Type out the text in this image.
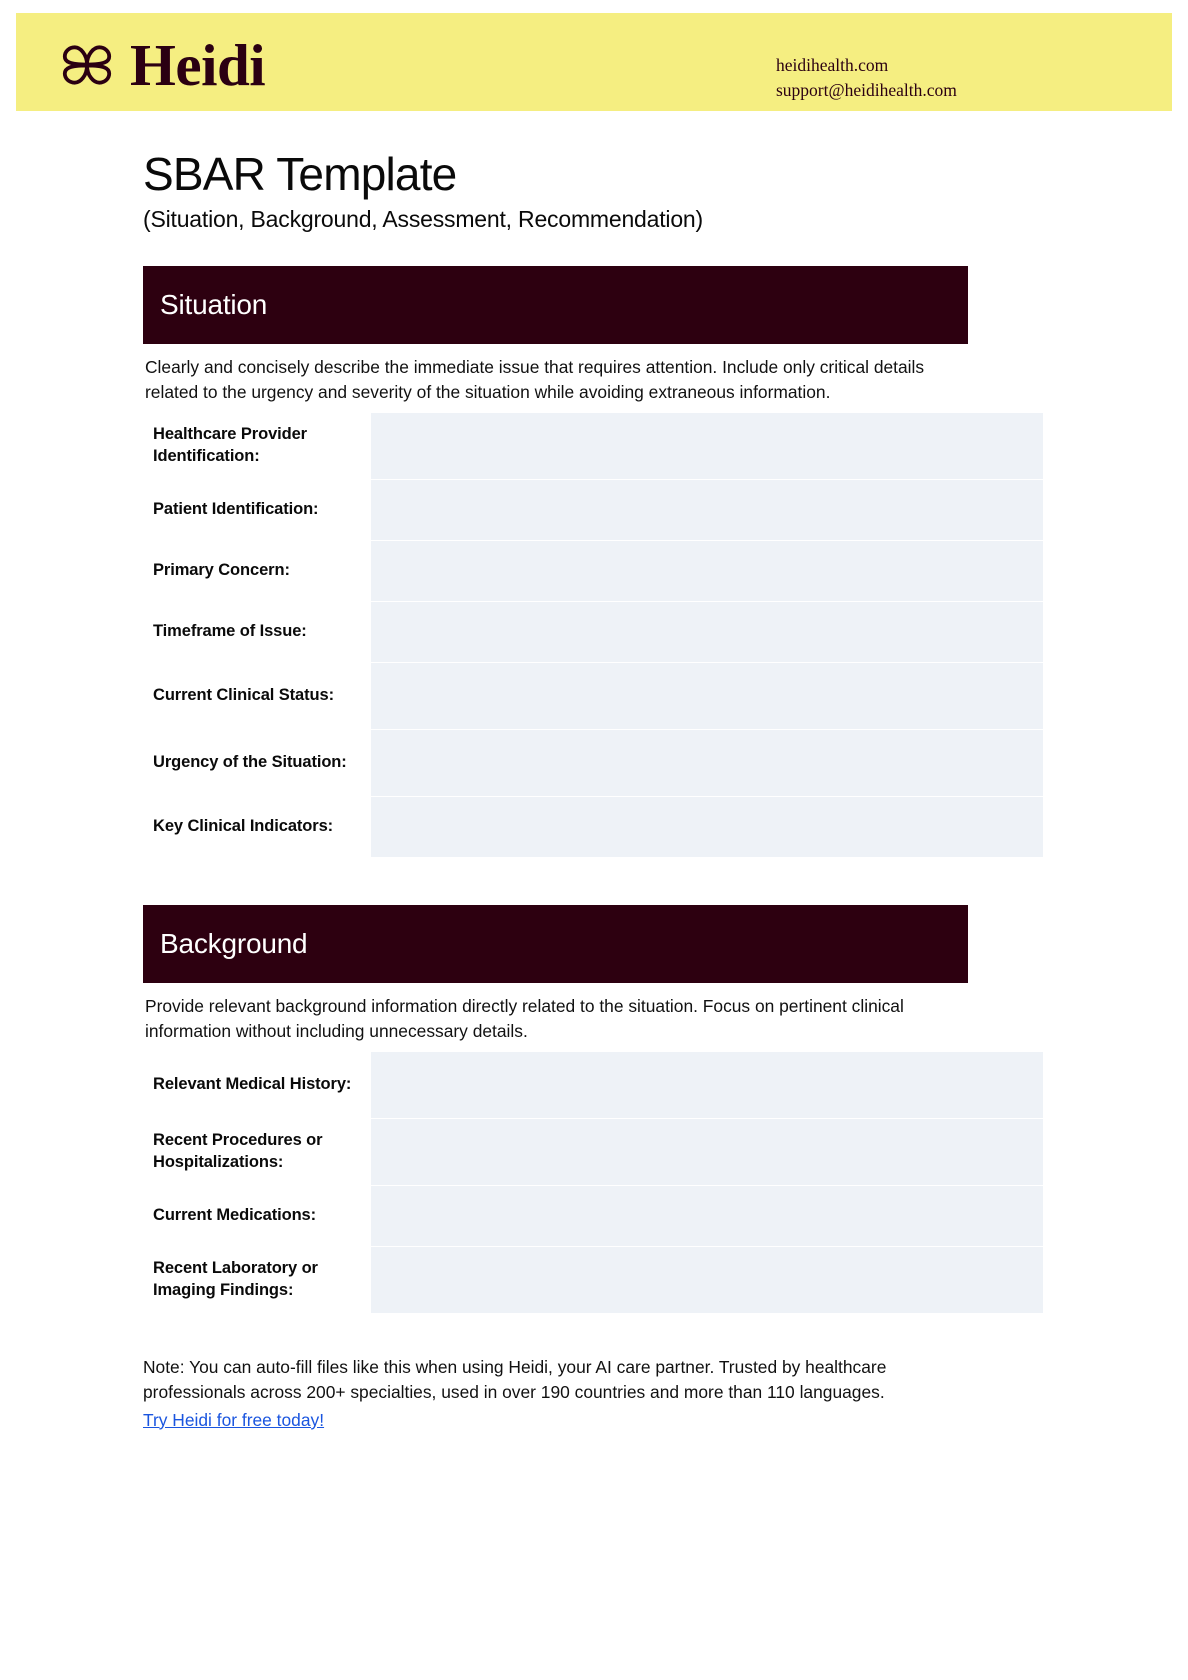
Heidi	heidihealth.com
support@heidihealth.com
SBAR Template
(Situation, Background, Assessment, Recommendation)
Situation

Clearly and concisely describe the immediate issue that requires attention. Include only critical details related to the urgency and severity of the situation while avoiding extraneous information.

Healthcare Provider Identification:
Patient Identification:
Primary Concern:
Timeframe of Issue:
Current Clinical Status:
Urgency of the Situation:
Key Clinical Indicators:
Background

Provide relevant background information directly related to the situation. Focus on pertinent clinical information without including unnecessary details.

Relevant Medical History:
Recent Procedures or Hospitalizations:
Current Medications:
Recent Laboratory or Imaging Findings:
Note: You can auto-fill files like this when using Heidi, your AI care partner. Trusted by healthcare professionals across 200+ specialties, used in over 190 countries and more than 110 languages.
Try Heidi for free today!
